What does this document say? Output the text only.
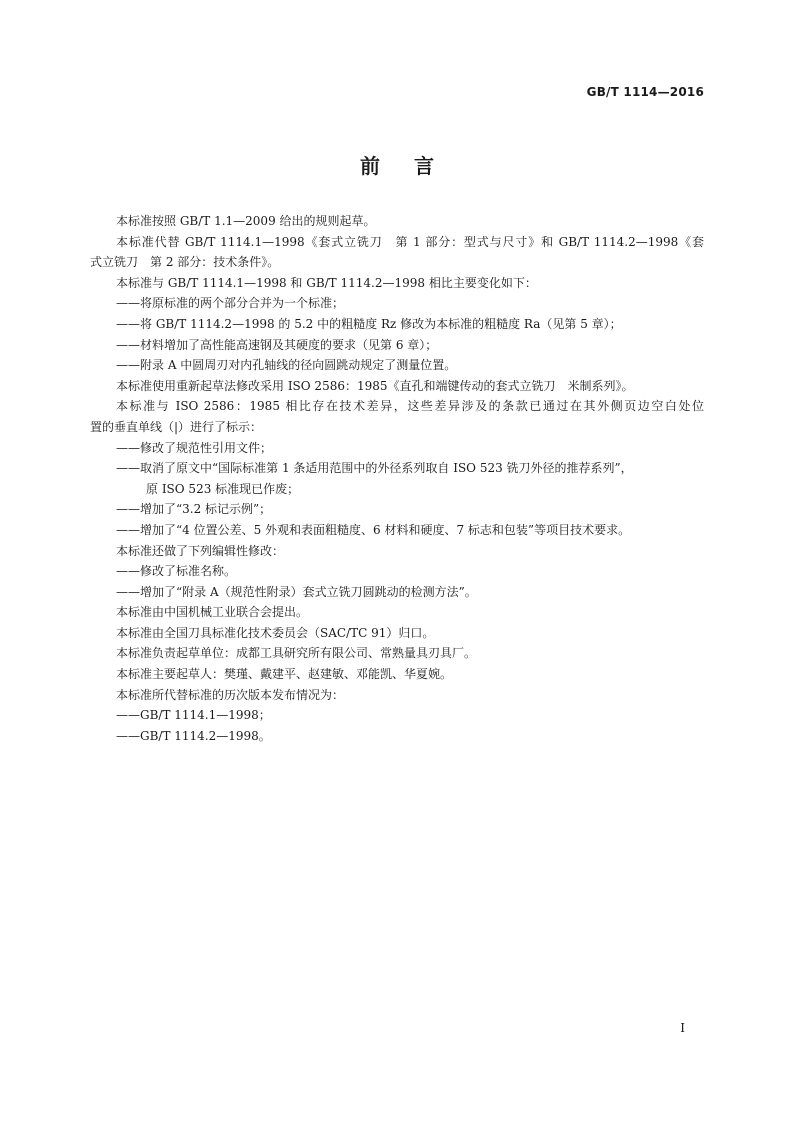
GB/T 1114—2016
前言

本标准按照 GB/T 1.1—2009 给出的规则起草。

本标准代替 GB/T 1114.1—1998《套式立铣刀　第 1 部分：型式与尺寸》和 GB/T 1114.2—1998《套

式立铣刀　第 2 部分：技术条件》。

本标准与 GB/T 1114.1—1998 和 GB/T 1114.2—1998 相比主要变化如下：

——将原标准的两个部分合并为一个标准；

——将 GB/T 1114.2—1998 的 5.2 中的粗糙度 Rz 修改为本标准的粗糙度 Ra（见第 5 章）；

——材料增加了高性能高速钢及其硬度的要求（见第 6 章）；

——附录 A 中圆周刃对内孔轴线的径向圆跳动规定了测量位置。

本标准使用重新起草法修改采用 ISO 2586：1985《直孔和端键传动的套式立铣刀　米制系列》。

本标准与 ISO 2586：1985 相比存在技术差异，这些差异涉及的条款已通过在其外侧页边空白处位

置的垂直单线（|）进行了标示：

——修改了规范性引用文件；

——取消了原文中“国际标准第 1 条适用范围中的外径系列取自 ISO 523 铣刀外径的推荐系列”，

原 ISO 523 标准现已作废；

——增加了“3.2 标记示例”；

——增加了“4 位置公差、5 外观和表面粗糙度、6 材料和硬度、7 标志和包装”等项目技术要求。

本标准还做了下列编辑性修改：

——修改了标准名称。

——增加了“附录 A（规范性附录）套式立铣刀圆跳动的检测方法”。

本标准由中国机械工业联合会提出。

本标准由全国刀具标准化技术委员会（SAC/TC 91）归口。

本标准负责起草单位：成都工具研究所有限公司、常熟量具刃具厂。

本标准主要起草人：樊瑾、戴建平、赵建敏、邓能凯、华夏婉。

本标准所代替标准的历次版本发布情况为：

——GB/T 1114.1—1998；

——GB/T 1114.2—1998。

I
